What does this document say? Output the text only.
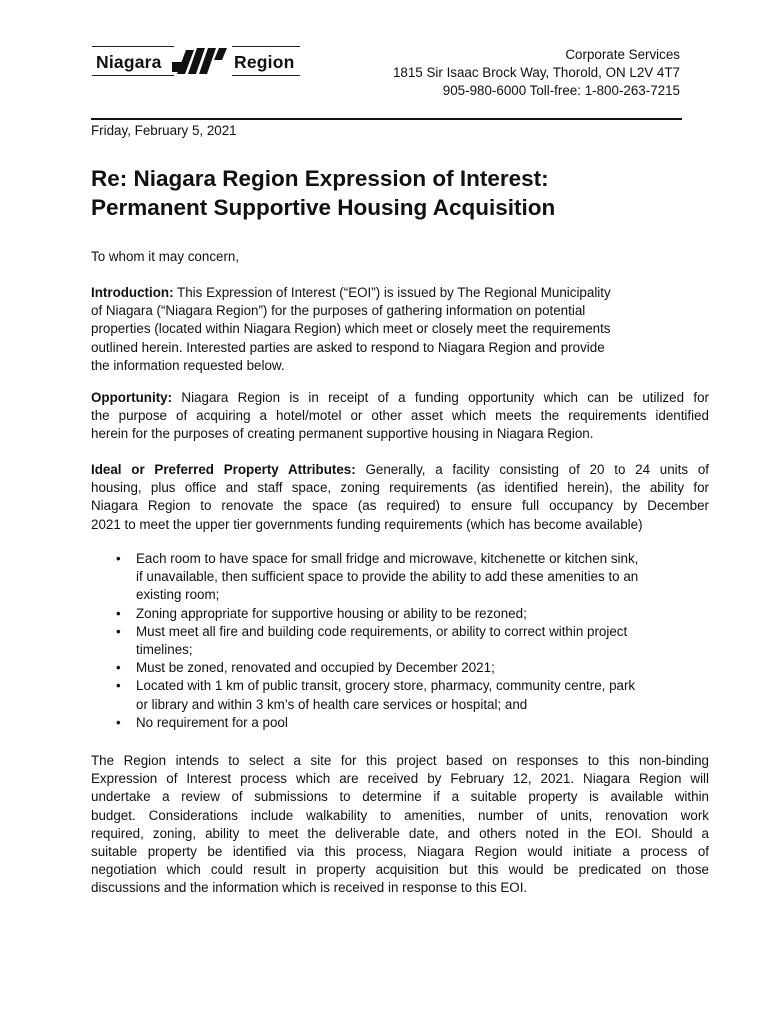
Niagara	Region	Corporate Services
1815 Sir Isaac Brock Way, Thorold, ON L2V 4T7
905-980-6000 Toll-free: 1-800-263-7215
Friday, February 5, 2021
Re: Niagara Region Expression of Interest:
Permanent Supportive Housing Acquisition
To whom it may concern,
Introduction: This Expression of Interest (“EOI”) is issued by The Regional Municipality
of Niagara (“Niagara Region”) for the purposes of gathering information on potential
properties (located within Niagara Region) which meet or closely meet the requirements
outlined herein. Interested parties are asked to respond to Niagara Region and provide
the information requested below.
Opportunity: Niagara Region is in receipt of a funding opportunity which can be utilized for
the purpose of acquiring a hotel/motel or other asset which meets the requirements identified
herein for the purposes of creating permanent supportive housing in Niagara Region.
Ideal or Preferred Property Attributes: Generally, a facility consisting of 20 to 24 units of
housing, plus office and staff space, zoning requirements (as identified herein), the ability for
Niagara Region to renovate the space (as required) to ensure full occupancy by December
2021 to meet the upper tier governments funding requirements (which has become available)
• Each room to have space for small fridge and microwave, kitchenette or kitchen sink,
if unavailable, then sufficient space to provide the ability to add these amenities to an
existing room;
• Zoning appropriate for supportive housing or ability to be rezoned;
• Must meet all fire and building code requirements, or ability to correct within project
timelines;
• Must be zoned, renovated and occupied by December 2021;
• Located with 1 km of public transit, grocery store, pharmacy, community centre, park
or library and within 3 km’s of health care services or hospital; and
• No requirement for a pool
The Region intends to select a site for this project based on responses to this non-binding
Expression of Interest process which are received by February 12, 2021. Niagara Region will
undertake a review of submissions to determine if a suitable property is available within
budget. Considerations include walkability to amenities, number of units, renovation work
required, zoning, ability to meet the deliverable date, and others noted in the EOI. Should a
suitable property be identified via this process, Niagara Region would initiate a process of
negotiation which could result in property acquisition but this would be predicated on those
discussions and the information which is received in response to this EOI.
